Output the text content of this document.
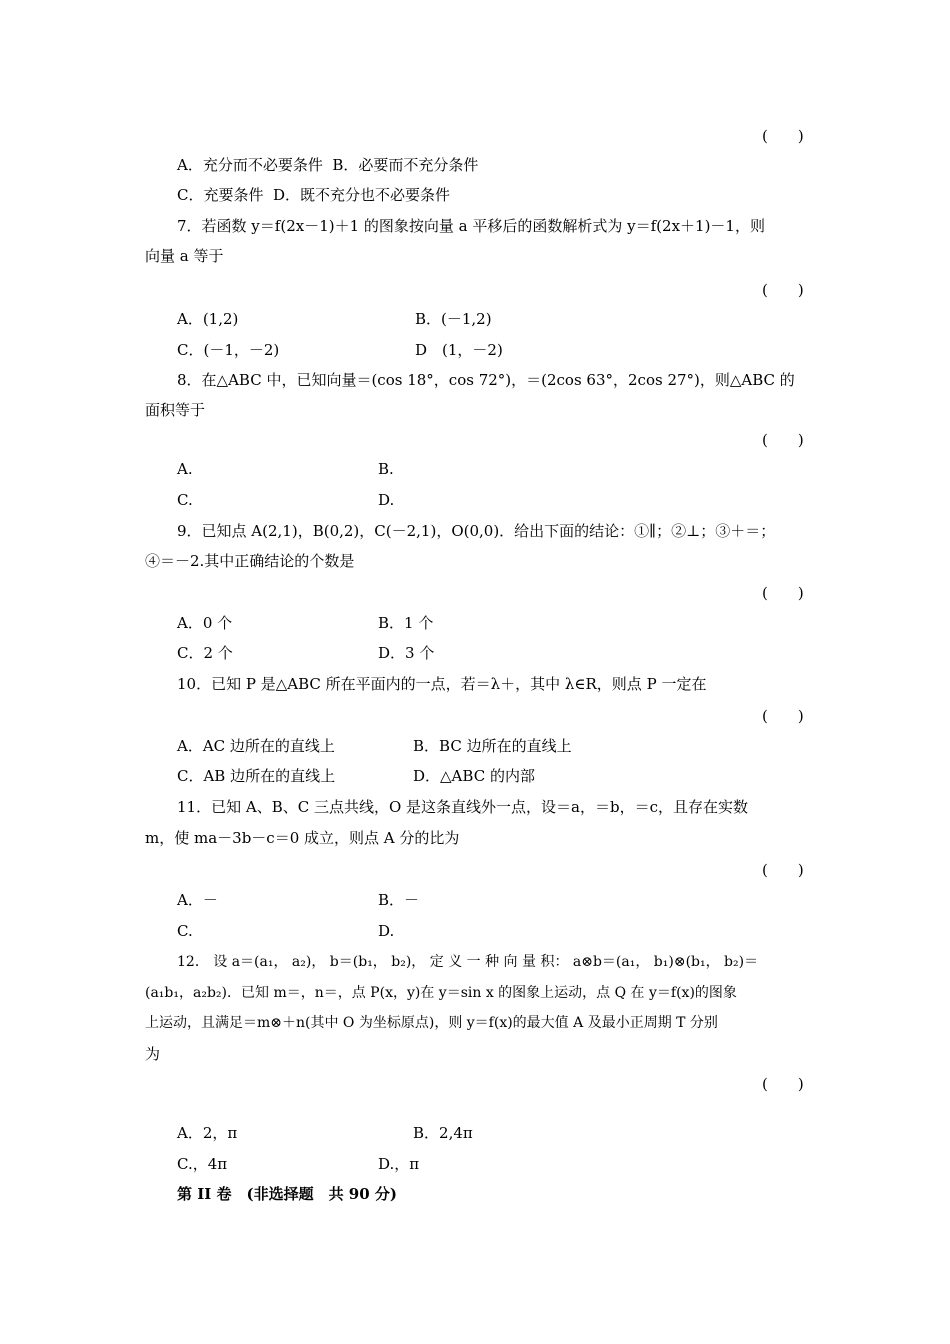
(　　)
A．充分而不必要条件  B．必要而不充分条件
C．充要条件  D．既不充分也不必要条件
7．若函数 y＝f(2x－1)＋1 的图象按向量 a 平移后的函数解析式为 y＝f(2x＋1)－1，则
向量 a 等于
(　　)
A．(1,2)	B．(－1,2)
C．(－1，－2)	D　(1，－2)
8．在△ABC 中，已知向量＝(cos 18°，cos 72°)，＝(2cos 63°，2cos 27°)，则△ABC 的
面积等于
(　　)
A.	B.
C.	D.
9．已知点 A(2,1)，B(0,2)，C(－2,1)，O(0,0)．给出下面的结论：①∥；②⊥；③＋＝；
④＝－2.其中正确结论的个数是
(　　)
A．0 个	B．1 个
C．2 个	D．3 个
10．已知 P 是△ABC 所在平面内的一点，若＝λ＋，其中 λ∈R，则点 P 一定在
(　　)
A．AC 边所在的直线上	B．BC 边所在的直线上
C．AB 边所在的直线上	D．△ABC 的内部
11．已知 A、B、C 三点共线，O 是这条直线外一点，设＝a，＝b，＝c，且存在实数
m，使 ma－3b－c＝0 成立，则点 A 分的比为
(　　)
A．－	B．－
C.	D.
12． 设 a＝(a₁， a₂)， b＝(b₁， b₂)， 定 义 一 种 向 量 积： a⊗b＝(a₁， b₁)⊗(b₁， b₂)＝
(a₁b₁，a₂b₂)．已知 m＝，n＝，点 P(x，y)在 y＝sin x 的图象上运动，点 Q 在 y＝f(x)的图象
上运动，且满足＝m⊗＋n(其中 O 为坐标原点)，则 y＝f(x)的最大值 A 及最小正周期 T 分别
为
(　　)
A．2，π	B．2,4π
C.，4π	D.，π
第 II 卷　(非选择题　共 90 分)
